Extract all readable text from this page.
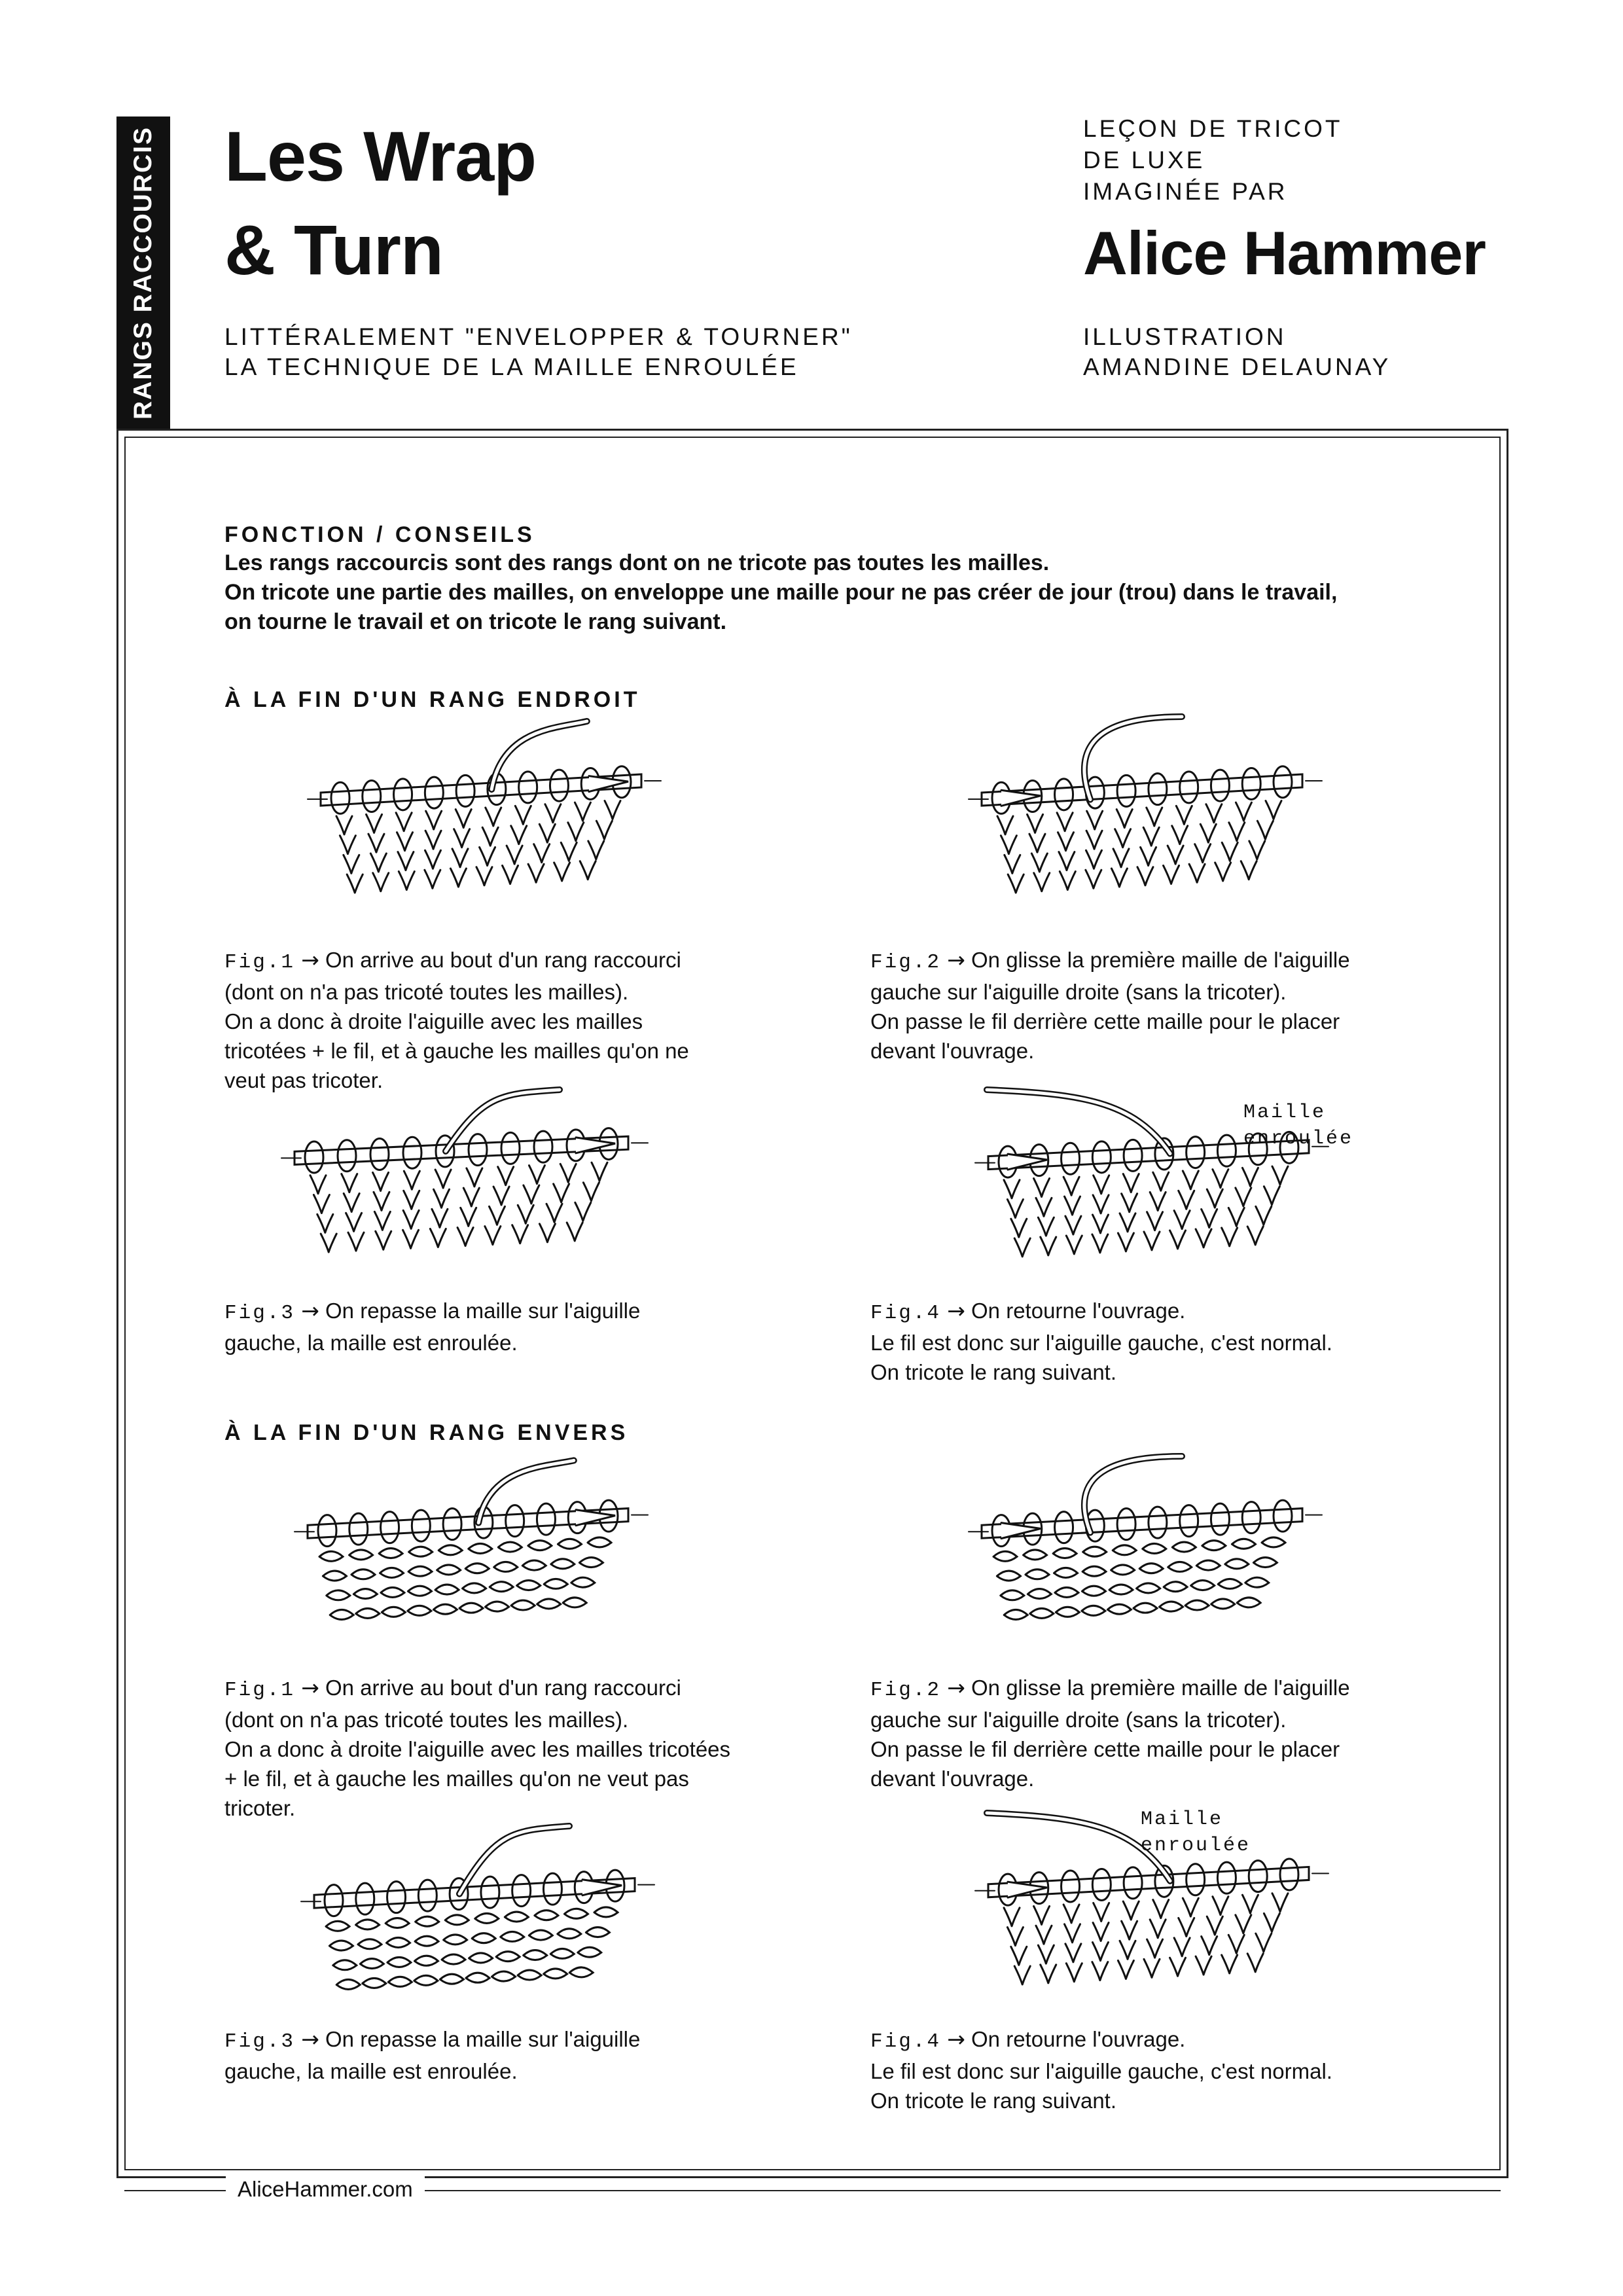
RANGS RACCOURCIS Les Wrap
& Turn
LITTÉRALEMENT "ENVELOPPER & TOURNER"
LA TECHNIQUE DE LA MAILLE ENROULÉE
LEÇON DE TRICOT
DE LUXE
IMAGINÉE PAR
Alice Hammer
ILLUSTRATION
AMANDINE DELAUNAY
FONCTION / CONSEILS
Les rangs raccourcis sont des rangs dont on ne tricote pas toutes les mailles.
On tricote une partie des mailles, on enveloppe une maille pour ne pas créer de jour (trou) dans le travail,
on tourne le travail et on tricote le rang suivant.
À LA FIN D'UN RANG ENDROIT
Fig.1 → On arrive au bout d'un rang raccourci
(dont on n'a pas tricoté toutes les mailles).
On a donc à droite l'aiguille avec les mailles
tricotées + le fil, et à gauche les mailles qu'on ne
veut pas tricoter.
Fig.2 → On glisse la première maille de l'aiguille
gauche sur l'aiguille droite (sans la tricoter).
On passe le fil derrière cette maille pour le placer
devant l'ouvrage.
Maille
enroulée
Fig.3 → On repasse la maille sur l'aiguille
gauche, la maille est enroulée.
Fig.4 → On retourne l'ouvrage.
Le fil est donc sur l'aiguille gauche, c'est normal.
On tricote le rang suivant.
À LA FIN D'UN RANG ENVERS
Fig.1 → On arrive au bout d'un rang raccourci
(dont on n'a pas tricoté toutes les mailles).
On a donc à droite l'aiguille avec les mailles tricotées
+ le fil, et à gauche les mailles qu'on ne veut pas
tricoter.
Fig.2 → On glisse la première maille de l'aiguille
gauche sur l'aiguille droite (sans la tricoter).
On passe le fil derrière cette maille pour le placer
devant l'ouvrage.
Maille
enroulée
Fig.3 → On repasse la maille sur l'aiguille
gauche, la maille est enroulée.
Fig.4 → On retourne l'ouvrage.
Le fil est donc sur l'aiguille gauche, c'est normal.
On tricote le rang suivant.
AliceHammer.com
